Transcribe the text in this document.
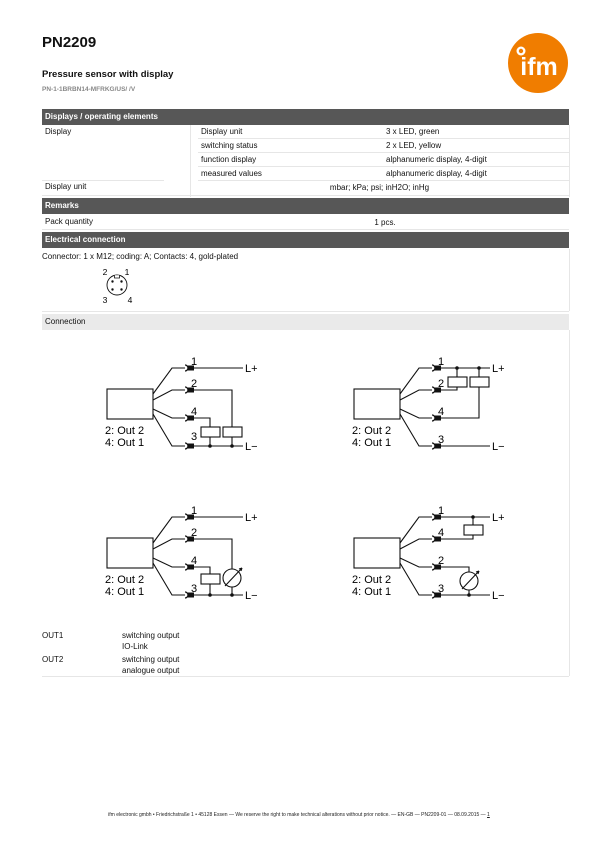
PN2209
Pressure sensor with display
PN-1-1BRBN14-MFRKG/US/ /V
ifm
Displays / operating elements
Display	Display unit	3 x LED, green
switching status	2 x LED, yellow
function display	alphanumeric display, 4-digit
measured values	alphanumeric display, 4-digit
Display unit	mbar; kPa; psi; inH2O; inHg
Remarks
Pack quantity	1 pcs.
Electrical connection
Connector: 1 x M12; coding: A; Contacts: 4, gold-plated
2 1
3 4
Connection
1
2
4
3
L+
L−
2: Out 2
4: Out 1
1
2
4
3
L+
L−
2: Out 2
4: Out 1
1
2
4
3
L+
L−
2: Out 2
4: Out 1
1
4
2
3
L+
L−
2: Out 2
4: Out 1
OUT1	switching output
IO-Link
OUT2	switching output
analogue output
ifm electronic gmbh • Friedrichstraße 1 • 45128 Essen — We reserve the right to make technical alterations without prior notice. — EN-GB — PN2209-01 — 08.09.2015 — 1
